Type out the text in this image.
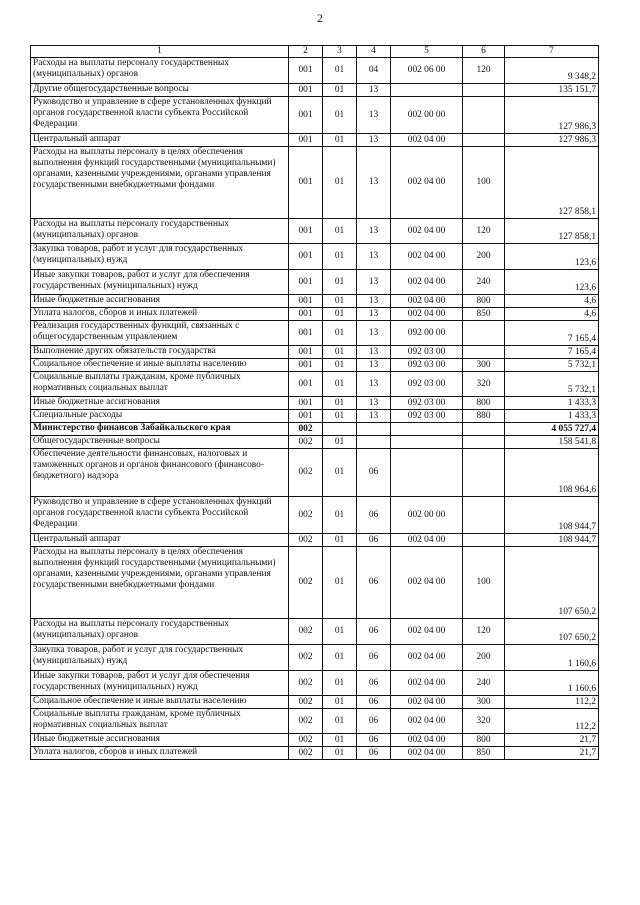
2
1	2	3	4	5	6	7
Расходы на выплаты персоналу государственных (муниципальных) органов	001	01	04	002 06 00	120	9 348,2
Другие общегосударственные вопросы	001	01	13			135 151,7
Руководство и управление в сфере установленных функций органов государственной власти субъекта Российской Федерации	001	01	13	002 00 00		127 986,3
Центральный аппарат	001	01	13	002 04 00		127 986,3
Расходы на выплаты персоналу в целях обеспечения выполнения функций государственными (муниципальными) органами, казенными учреждениями, органами управления государственными внебюджетными фондами	001	01	13	002 04 00	100	127 858,1
Расходы на выплаты персоналу государственных (муниципальных) органов	001	01	13	002 04 00	120	127 858,1
Закупка товаров, работ и услуг для государственных (муниципальных) нужд	001	01	13	002 04 00	200	123,6
Иные закупки товаров, работ и услуг для обеспечения государственных (муниципальных) нужд	001	01	13	002 04 00	240	123,6
Иные бюджетные ассигнования	001	01	13	002 04 00	800	4,6
Уплата налогов, сборов и иных платежей	001	01	13	002 04 00	850	4,6
Реализация государственных функций, связанных с общегосударственным управлением	001	01	13	092 00 00		7 165,4
Выполнение других обязательств государства	001	01	13	092 03 00		7 165,4
Социальное обеспечение и иные выплаты населению	001	01	13	092 03 00	300	5 732,1
Социальные выплаты гражданам, кроме публичных нормативных социальных выплат	001	01	13	092 03 00	320	5 732,1
Иные бюджетные ассигнования	001	01	13	092 03 00	800	1 433,3
Специальные расходы	001	01	13	092 03 00	880	1 433,3
Министерство финансов Забайкальского края	002					4 055 727,4
Общегосударственные вопросы	002	01				158 541,8
Обеспечение деятельности финансовых, налоговых и таможенных органов и органов финансового (финансово-бюджетного) надзора	002	01	06			108 964,6
Руководство и управление в сфере установленных функций органов государственной власти субъекта Российской Федерации	002	01	06	002 00 00		108 944,7
Центральный аппарат	002	01	06	002 04 00		108 944,7
Расходы на выплаты персоналу в целях обеспечения выполнения функций государственными (муниципальными) органами, казенными учреждениями, органами управления государственными внебюджетными фондами	002	01	06	002 04 00	100	107 650,2
Расходы на выплаты персоналу государственных (муниципальных) органов	002	01	06	002 04 00	120	107 650,2
Закупка товаров, работ и услуг для государственных (муниципальных) нужд	002	01	06	002 04 00	200	1 160,6
Иные закупки товаров, работ и услуг для обеспечения государственных (муниципальных) нужд	002	01	06	002 04 00	240	1 160,6
Социальное обеспечение и иные выплаты населению	002	01	06	002 04 00	300	112,2
Социальные выплаты гражданам, кроме публичных нормативных социальных выплат	002	01	06	002 04 00	320	112,2
Иные бюджетные ассигнования	002	01	06	002 04 00	800	21,7
Уплата налогов, сборов и иных платежей	002	01	06	002 04 00	850	21,7
